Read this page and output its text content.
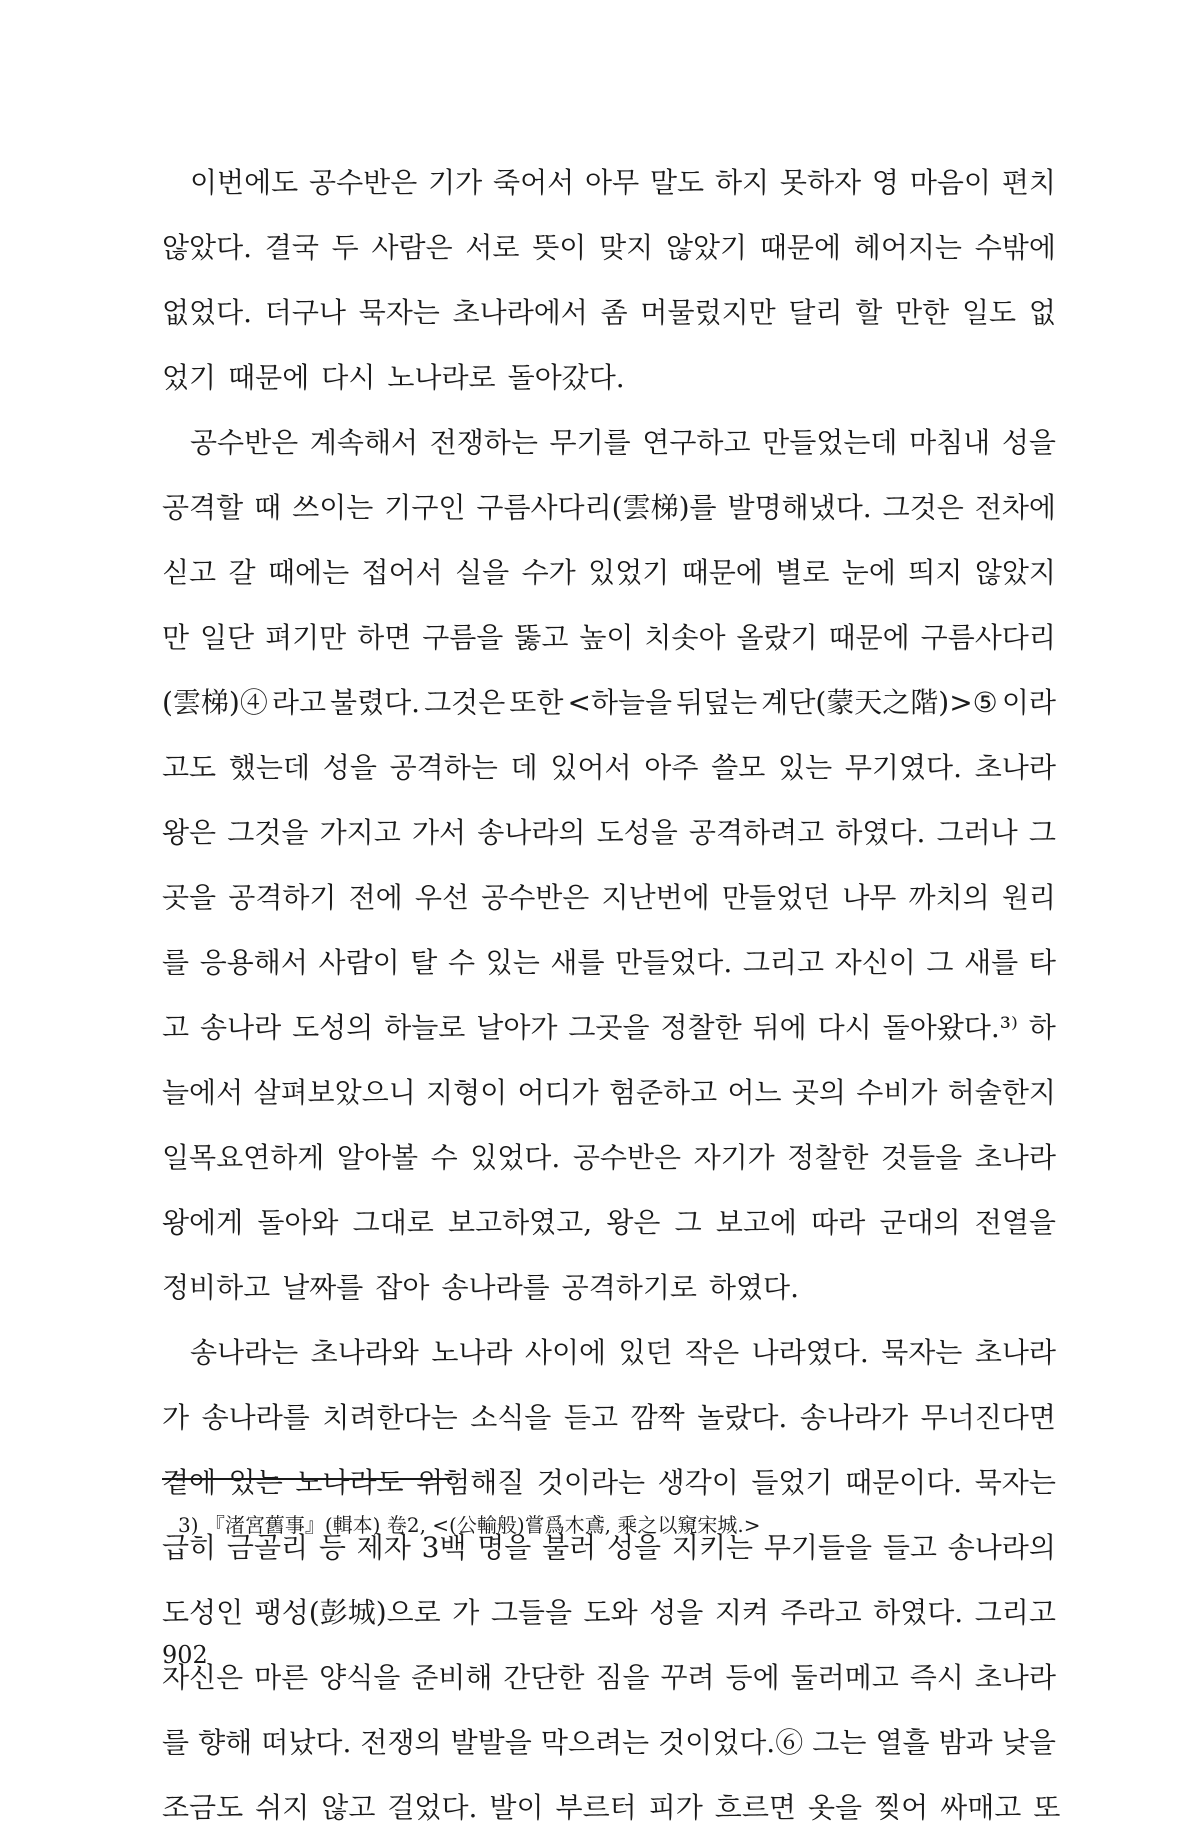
이번에도 공수반은 기가 죽어서 아무 말도 하지 못하자 영 마음이 편치
않았다. 결국 두 사람은 서로 뜻이 맞지 않았기 때문에 헤어지는 수밖에
없었다. 더구나 묵자는 초나라에서 좀 머물렀지만 달리 할 만한 일도 없
었기 때문에 다시 노나라로 돌아갔다.
공수반은 계속해서 전쟁하는 무기를 연구하고 만들었는데 마침내 성을
공격할 때 쓰이는 기구인 구름사다리(雲梯)를 발명해냈다. 그것은 전차에
싣고 갈 때에는 접어서 실을 수가 있었기 때문에 별로 눈에 띄지 않았지
만 일단 펴기만 하면 구름을 뚫고 높이 치솟아 올랐기 때문에 구름사다리
(雲梯)④ 라고 불렸다. 그것은 또한 <하늘을 뒤덮는 계단(蒙天之階)>⑤ 이라
고도 했는데 성을 공격하는 데 있어서 아주 쓸모 있는 무기였다. 초나라
왕은 그것을 가지고 가서 송나라의 도성을 공격하려고 하였다. 그러나 그
곳을 공격하기 전에 우선 공수반은 지난번에 만들었던 나무 까치의 원리
를 응용해서 사람이 탈 수 있는 새를 만들었다. 그리고 자신이 그 새를 타
고 송나라 도성의 하늘로 날아가 그곳을 정찰한 뒤에 다시 돌아왔다.³⁾ 하
늘에서 살펴보았으니 지형이 어디가 험준하고 어느 곳의 수비가 허술한지
일목요연하게 알아볼 수 있었다. 공수반은 자기가 정찰한 것들을 초나라
왕에게 돌아와 그대로 보고하였고, 왕은 그 보고에 따라 군대의 전열을
정비하고 날짜를 잡아 송나라를 공격하기로 하였다.
송나라는 초나라와 노나라 사이에 있던 작은 나라였다. 묵자는 초나라
가 송나라를 치려한다는 소식을 듣고 깜짝 놀랐다. 송나라가 무너진다면
곁에 있는 노나라도 위험해질 것이라는 생각이 들었기 때문이다. 묵자는
급히 금골리 등 제자 3백 명을 불러 성을 지키는 무기들을 들고 송나라의
도성인 팽성(彭城)으로 가 그들을 도와 성을 지켜 주라고 하였다. 그리고
자신은 마른 양식을 준비해 간단한 짐을 꾸려 등에 둘러메고 즉시 초나라
를 향해 떠났다. 전쟁의 발발을 막으려는 것이었다.⑥ 그는 열흘 밤과 낮을
조금도 쉬지 않고 걸었다. 발이 부르터 피가 흐르면 옷을 찢어 싸매고 또
3) 『渚宮舊事』(輯本) 卷2, <(公輸般)嘗爲木鳶, 乘之以窺宋城.>
902
